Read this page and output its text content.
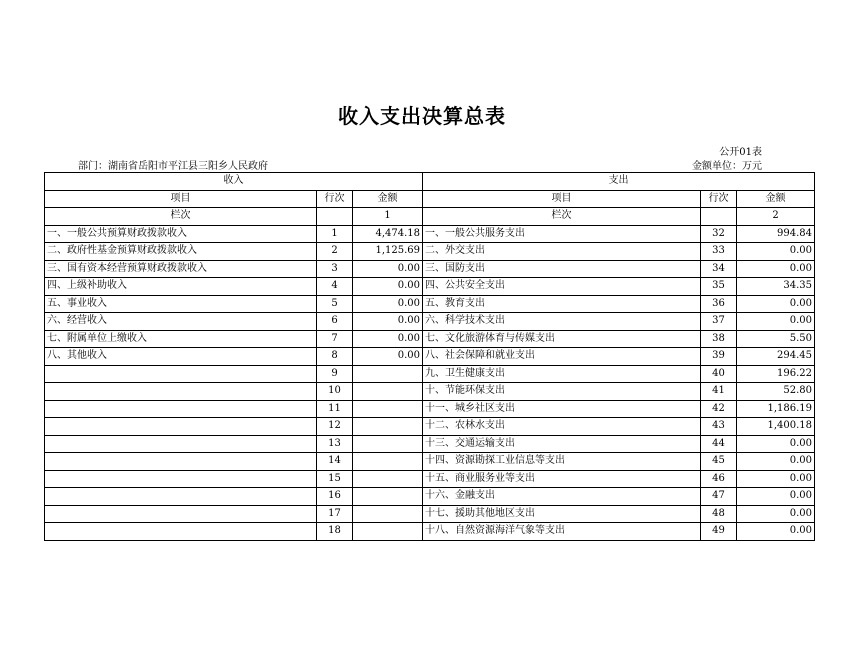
收入支出决算总表
公开01表
部门：湖南省岳阳市平江县三阳乡人民政府	金额单位：万元
收入			支出		
项目	行次	金额	项目	行次	金额
栏次		1	栏次		2
一、一般公共预算财政拨款收入	1	4,474.18	一、一般公共服务支出	32	994.84
二、政府性基金预算财政拨款收入	2	1,125.69	二、外交支出	33	0.00
三、国有资本经营预算财政拨款收入	3	0.00	三、国防支出	34	0.00
四、上级补助收入	4	0.00	四、公共安全支出	35	34.35
五、事业收入	5	0.00	五、教育支出	36	0.00
六、经营收入	6	0.00	六、科学技术支出	37	0.00
七、附属单位上缴收入	7	0.00	七、文化旅游体育与传媒支出	38	5.50
八、其他收入	8	0.00	八、社会保障和就业支出	39	294.45
	9		九、卫生健康支出	40	196.22
	10		十、节能环保支出	41	52.80
	11		十一、城乡社区支出	42	1,186.19
	12		十二、农林水支出	43	1,400.18
	13		十三、交通运输支出	44	0.00
	14		十四、资源勘探工业信息等支出	45	0.00
	15		十五、商业服务业等支出	46	0.00
	16		十六、金融支出	47	0.00
	17		十七、援助其他地区支出	48	0.00
	18		十八、自然资源海洋气象等支出	49	0.00
